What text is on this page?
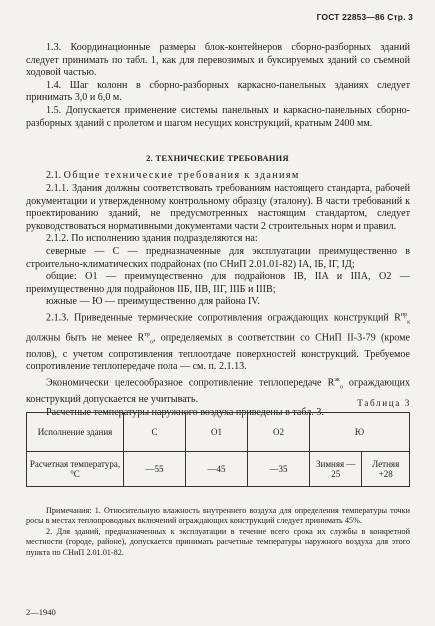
ГОСТ 22853—86 Стр. 3

1.3. Координационные размеры блок-контейнеров сборно-разборных зданий следует принимать по табл. 1, как для перевозимых и буксируемых зданий со съемной ходовой частью.

1.4. Шаг колонн в сборно-разборных каркасно-панельных зданиях следует принимать 3,0 и 6,0 м.

1.5. Допускается применение системы панельных и каркасно-панельных сборно-разборных зданий с пролетом и шагом несущих конструкций, кратным 2400 мм.

2. ТЕХНИЧЕСКИЕ ТРЕБОВАНИЯ
2.1. Общие технические требования к зданиям

2.1.1. Здания должны соответствовать требованиям настоящего стандарта, рабочей документации и утвержденному контрольному образцу (эталону). В части требований к проектированию зданий, не предусмотренных настоящим стандартом, следует руководствоваться нормативными документами части 2 строительных норм и правил.

2.1.2. По исполнению здания подразделяются на:

северные — С — предназначенные для эксплуатации преимущественно в строительно-климатических подрайонах (по СНиП 2.01.01-82) IA, IБ, IГ, IД;

общие: O1 — преимущественно для подрайонов IB, IIA и IIIA, O2 — преимущественно для подрайонов IIБ, IIВ, IIГ, IIIБ и IIIВ;

южные — Ю — преимущественно для района IV.

2.1.3. Приведенные термические сопротивления ограждающих конструкций $R^{пр}_к$ должны быть не менее $R^{тр}_о$, определяемых в соответствии со СНиП II-3-79 (кроме полов), с учетом сопротивления теплоотдаче поверхностей конструкций. Требуемое сопротивление теплопередаче пола — см. п. 2.1.13.

Экономически целесообразное сопротивление теплопередаче $R^{эк}_о$ ограждающих конструкций допускается не учитывать.

Расчетные температуры наружного воздуха приведены в табл. 3.

Таблица 3
Исполнение здания	С	О1	О2	Ю	
Расчетная температура, °С	—55	—45	—35	Зимняя —25	Летняя +28

Примечания: 1. Относительную влажность внутреннего воздуха для определения температуры точки росы в местах теплопроводных включений ограждающих конструкций следует принимать 45%.

2. Для зданий, предназначенных к эксплуатации в течение всего срока их службы в конкретной местности (городе, районе), допускается принимать расчетные температуры наружного воздуха для этого пункта по СНиП 2.01.01-82.

2—1940
